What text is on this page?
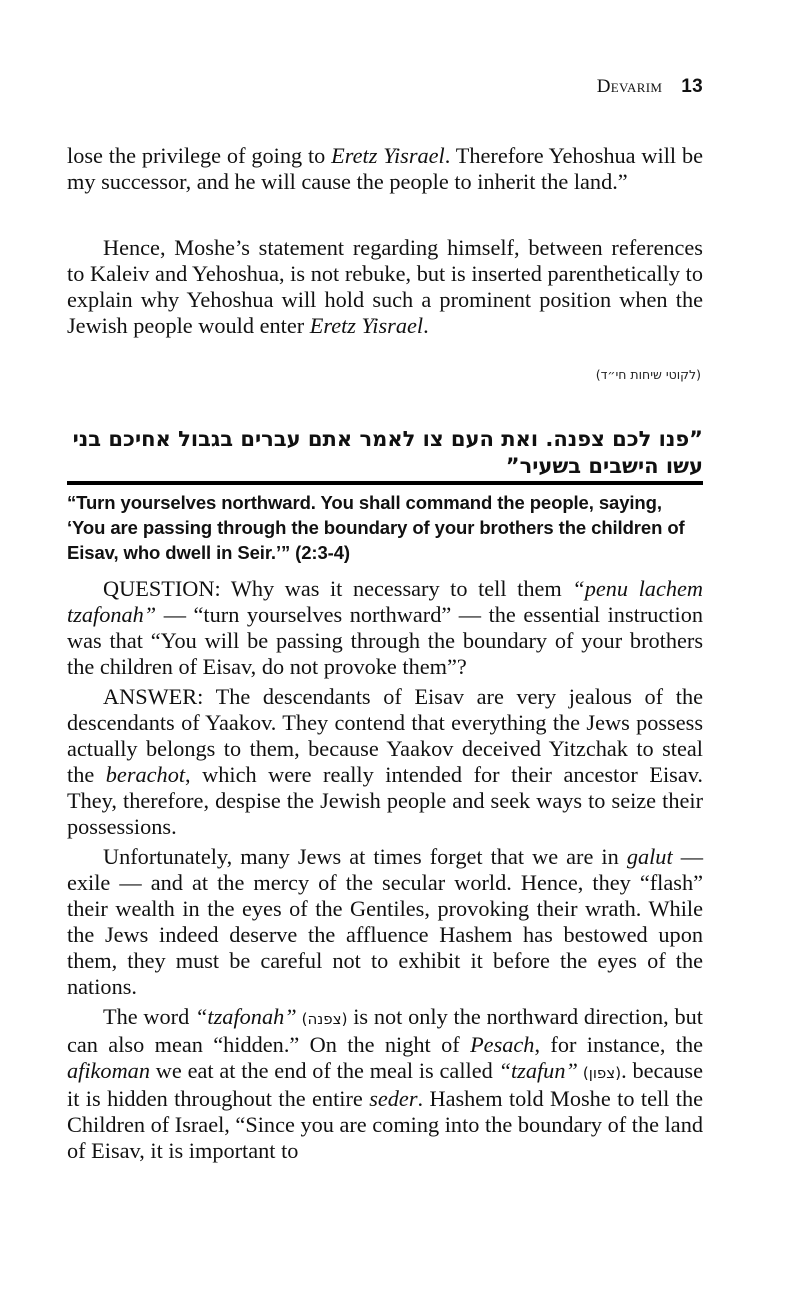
Devarim 13

lose the privilege of going to Eretz Yisrael. Therefore Yehoshua will be my successor, and he will cause the people to inherit the land.”

Hence, Moshe’s statement regarding himself, between references to Kaleiv and Yehoshua, is not rebuke, but is inserted parenthetically to explain why Yehoshua will hold such a prominent position when the Jewish people would enter Eretz Yisrael.

(לקוטי שיחות חי״ד)
”פנו לכם צפנה. ואת העם צו לאמר אתם עברים בגבול אחיכם בני עשו הישבים בשעיר”
“Turn yourselves northward. You shall command the people, saying, ‘You are passing through the boundary of your brothers the children of Eisav, who dwell in Seir.’” (2:3-4)

QUESTION: Why was it necessary to tell them “penu lachem tzafonah” — “turn yourselves northward” — the essential instruction was that “You will be passing through the boundary of your brothers the children of Eisav, do not provoke them”?

ANSWER: The descendants of Eisav are very jealous of the descendants of Yaakov. They contend that everything the Jews possess actually belongs to them, because Yaakov deceived Yitzchak to steal the berachot, which were really intended for their ancestor Eisav. They, therefore, despise the Jewish people and seek ways to seize their possessions.

Unfortunately, many Jews at times forget that we are in galut — exile — and at the mercy of the secular world. Hence, they “flash” their wealth in the eyes of the Gentiles, provoking their wrath. While the Jews indeed deserve the affluence Hashem has bestowed upon them, they must be careful not to exhibit it before the eyes of the nations.

The word “tzafonah” (צפנה) is not only the northward direction, but can also mean “hidden.” On the night of Pesach, for instance, the afikoman we eat at the end of the meal is called “tzafun” (צפון). because it is hidden throughout the entire seder. Hashem told Moshe to tell the Children of Israel, “Since you are coming into the boundary of the land of Eisav, it is important to
